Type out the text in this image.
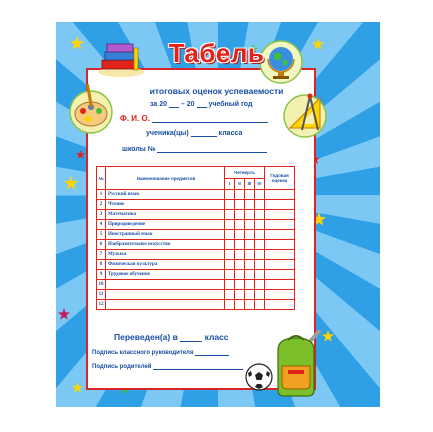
Табель
итоговых оценок успеваемости
за 20 – 20 учебный год
Ф. И. О.
ученика(цы)	класса
школы №
№	Наименование предметов	Четверть				Годовая оценка
		I	II	III	IV	
1	Русский язык					
2	Чтение					
3	Математика					
4	Природоведение					
5	Иностранный язык					
6	Изобразительное искусство					
7	Музыка					
8	Физическая культура					
9	Трудовое обучение					
10						
11						
12						
Переведен(а) в	класс
Подпись классного руководителя
Подпись родителей
